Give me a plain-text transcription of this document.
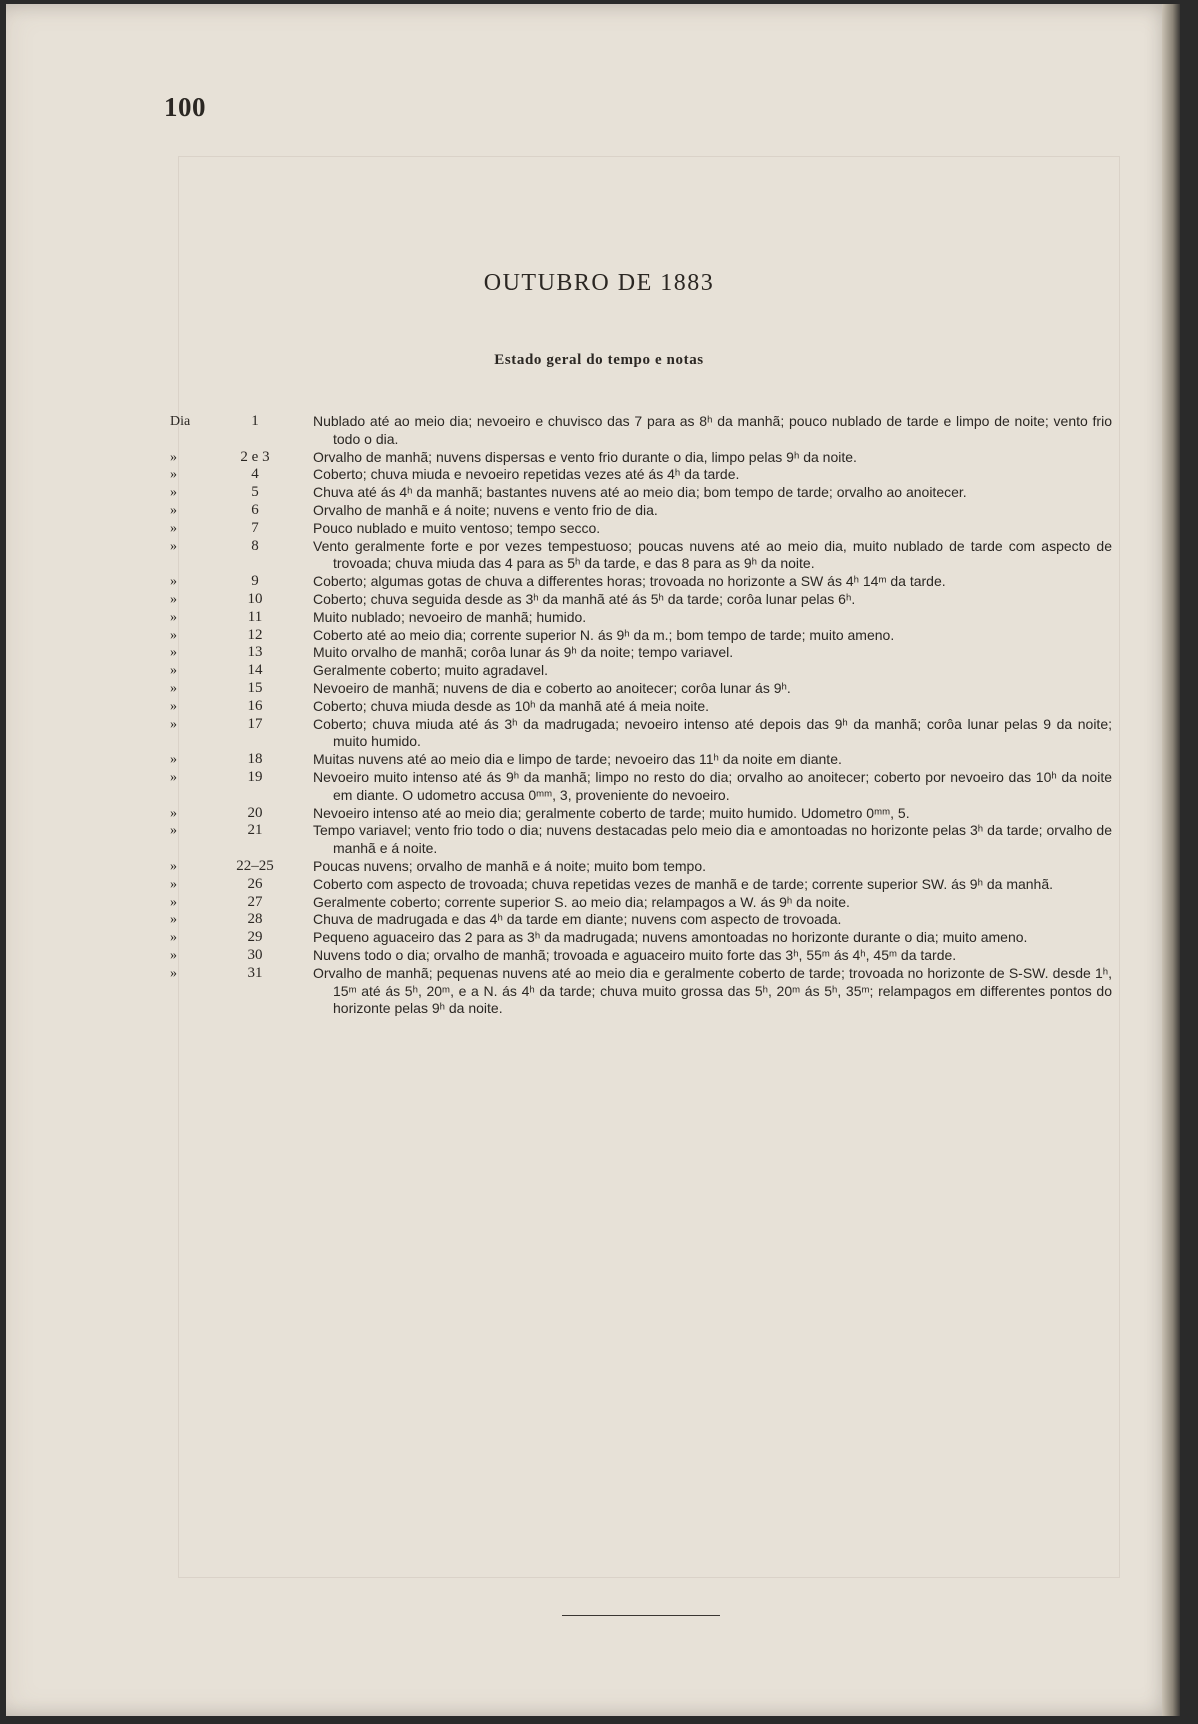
100
OUTUBRO DE 1883
Estado geral do tempo e notas
Dia	1	Nublado até ao meio dia; nevoeiro e chuvisco das 7 para as 8ʰ da manhã; pouco nublado de tarde e limpo de noite; vento frio todo o dia.
»	2 e 3	Orvalho de manhã; nuvens dispersas e vento frio durante o dia, limpo pelas 9ʰ da noite.
»	4	Coberto; chuva miuda e nevoeiro repetidas vezes até ás 4ʰ da tarde.
»	5	Chuva até ás 4ʰ da manhã; bastantes nuvens até ao meio dia; bom tempo de tarde; orvalho ao anoitecer.
»	6	Orvalho de manhã e á noite; nuvens e vento frio de dia.
»	7	Pouco nublado e muito ventoso; tempo secco.
»	8	Vento geralmente forte e por vezes tempestuoso; poucas nuvens até ao meio dia, muito nublado de tarde com aspecto de trovoada; chuva miuda das 4 para as 5ʰ da tarde, e das 8 para as 9ʰ da noite.
»	9	Coberto; algumas gotas de chuva a differentes horas; trovoada no horizonte a SW ás 4ʰ 14ᵐ da tarde.
»	10	Coberto; chuva seguida desde as 3ʰ da manhã até ás 5ʰ da tarde; corôa lunar pelas 6ʰ.
»	11	Muito nublado; nevoeiro de manhã; humido.
»	12	Coberto até ao meio dia; corrente superior N. ás 9ʰ da m.; bom tempo de tarde; muito ameno.
»	13	Muito orvalho de manhã; corôa lunar ás 9ʰ da noite; tempo variavel.
»	14	Geralmente coberto; muito agradavel.
»	15	Nevoeiro de manhã; nuvens de dia e coberto ao anoitecer; corôa lunar ás 9ʰ.
»	16	Coberto; chuva miuda desde as 10ʰ da manhã até á meia noite.
»	17	Coberto; chuva miuda até ás 3ʰ da madrugada; nevoeiro intenso até depois das 9ʰ da manhã; corôa lunar pelas 9 da noite; muito humido.
»	18	Muitas nuvens até ao meio dia e limpo de tarde; nevoeiro das 11ʰ da noite em diante.
»	19	Nevoeiro muito intenso até ás 9ʰ da manhã; limpo no resto do dia; orvalho ao anoitecer; coberto por nevoeiro das 10ʰ da noite em diante. O udometro accusa 0ᵐᵐ, 3, proveniente do nevoeiro.
»	20	Nevoeiro intenso até ao meio dia; geralmente coberto de tarde; muito humido. Udometro 0ᵐᵐ, 5.
»	21	Tempo variavel; vento frio todo o dia; nuvens destacadas pelo meio dia e amontoadas no horizonte pelas 3ʰ da tarde; orvalho de manhã e á noite.
»	22–25	Poucas nuvens; orvalho de manhã e á noite; muito bom tempo.
»	26	Coberto com aspecto de trovoada; chuva repetidas vezes de manhã e de tarde; corrente superior SW. ás 9ʰ da manhã.
»	27	Geralmente coberto; corrente superior S. ao meio dia; relampagos a W. ás 9ʰ da noite.
»	28	Chuva de madrugada e das 4ʰ da tarde em diante; nuvens com aspecto de trovoada.
»	29	Pequeno aguaceiro das 2 para as 3ʰ da madrugada; nuvens amontoadas no horizonte durante o dia; muito ameno.
»	30	Nuvens todo o dia; orvalho de manhã; trovoada e aguaceiro muito forte das 3ʰ, 55ᵐ ás 4ʰ, 45ᵐ da tarde.
»	31	Orvalho de manhã; pequenas nuvens até ao meio dia e geralmente coberto de tarde; trovoada no horizonte de S-SW. desde 1ʰ, 15ᵐ até ás 5ʰ, 20ᵐ, e a N. ás 4ʰ da tarde; chuva muito grossa das 5ʰ, 20ᵐ ás 5ʰ, 35ᵐ; relampagos em differentes pontos do horizonte pelas 9ʰ da noite.
